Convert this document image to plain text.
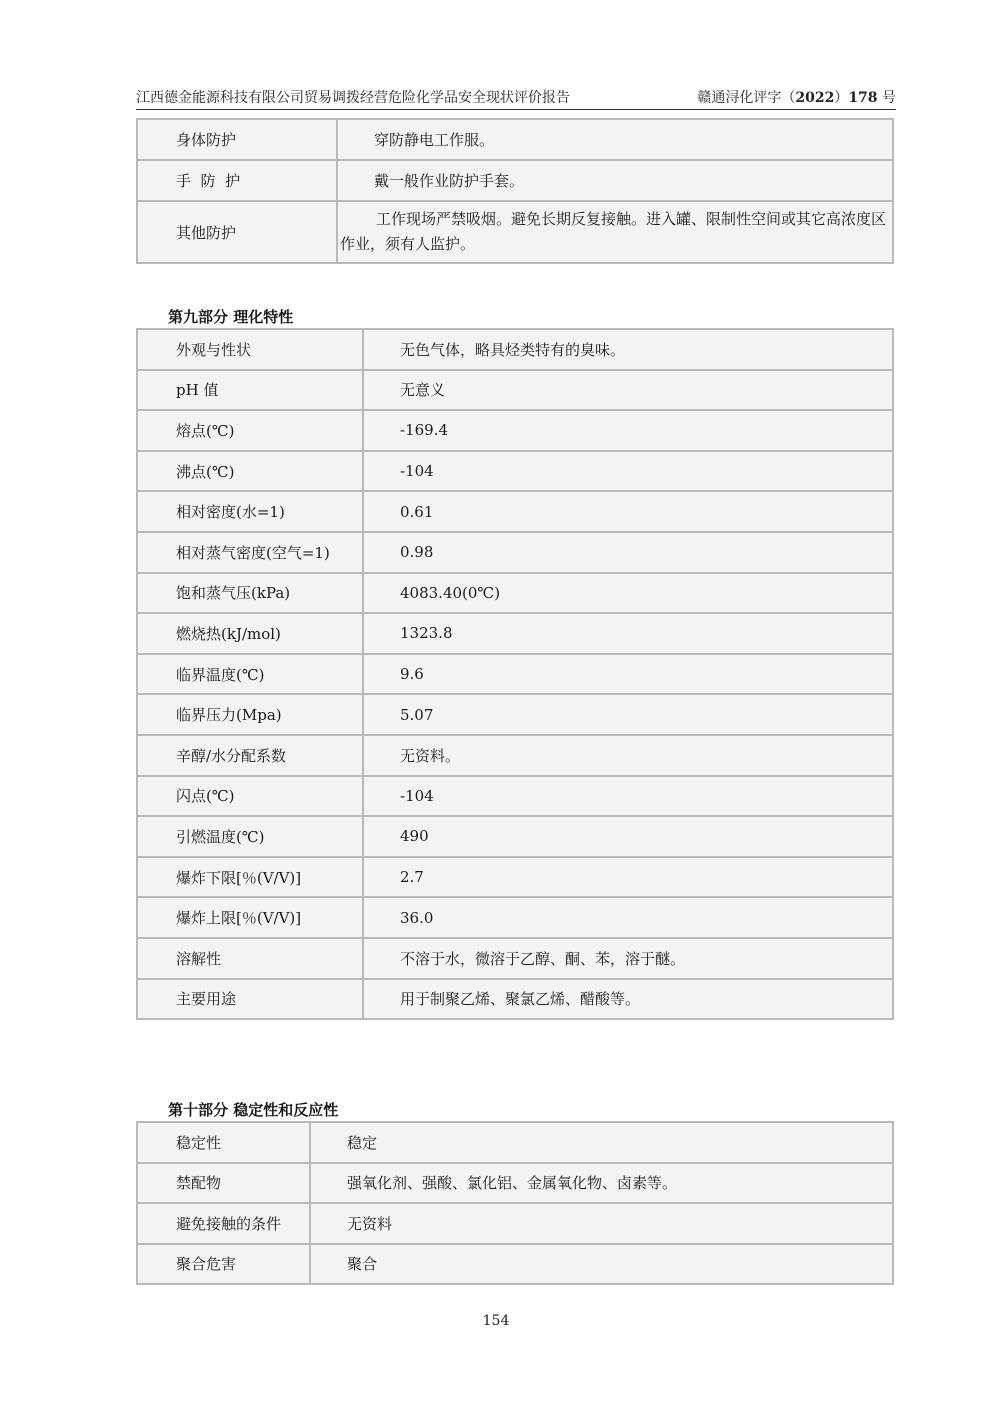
江西德金能源科技有限公司贸易调拨经营危险化学品安全现状评价报告	赣通浔化评字（2022）178 号
身体防护	穿防静电工作服。
手  防  护	戴一般作业防护手套。
其他防护	工作现场严禁吸烟。避免长期反复接触。进入罐、限制性空间或其它高浓度区作业，须有人监护。
第九部分 理化特性
外观与性状	无色气体，略具烃类特有的臭味。
pH 值	无意义
熔点(℃)	-169.4
沸点(℃)	-104
相对密度(水=1)	0.61
相对蒸气密度(空气=1)	0.98
饱和蒸气压(kPa)	4083.40(0℃)
燃烧热(kJ/mol)	1323.8
临界温度(℃)	9.6
临界压力(Mpa)	5.07
辛醇/水分配系数	无资料。
闪点(℃)	-104
引燃温度(℃)	490
爆炸下限[％(V/V)]	2.7
爆炸上限[％(V/V)]	36.0
溶解性	不溶于水，微溶于乙醇、酮、苯，溶于醚。
主要用途	用于制聚乙烯、聚氯乙烯、醋酸等。
第十部分 稳定性和反应性
稳定性	稳定
禁配物	强氧化剂、强酸、氯化铝、金属氧化物、卤素等。
避免接触的条件	无资料
聚合危害	聚合
154
